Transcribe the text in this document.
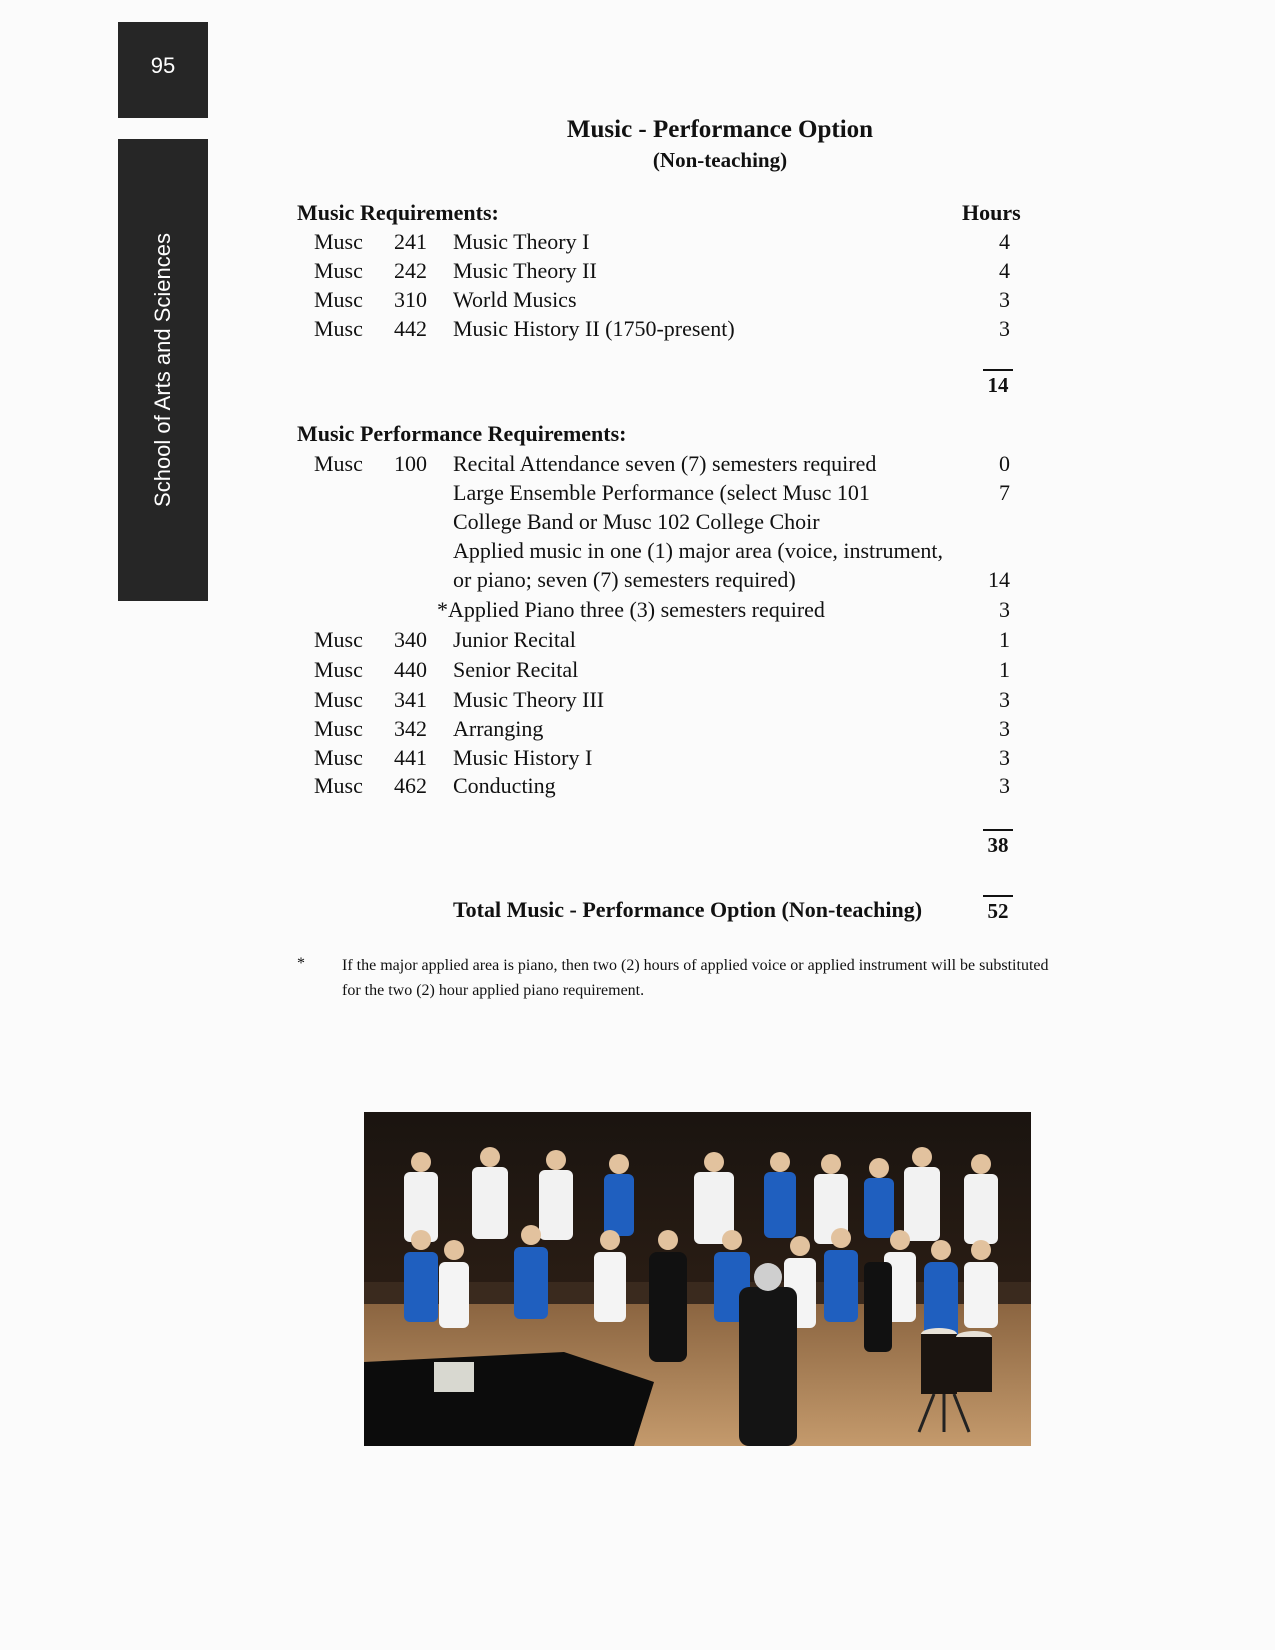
95
School of Arts and Sciences
Music - Performance Option
(Non-teaching)
Music Requirements:	Hours
Musc 241 Music Theory I	4
Musc 242 Music Theory II	4
Musc 310 World Musics	3
Musc 442 Music History II (1750-present)	3
14
Music Performance Requirements:
Musc 100 Recital Attendance seven (7) semesters required	0
Large Ensemble Performance (select Musc 101	7
College Band or Musc 102 College Choir
Applied music in one (1) major area (voice, instrument,
or piano; seven (7) semesters required)	14
*Applied Piano three (3) semesters required	3
Musc 340 Junior Recital	1
Musc 440 Senior Recital	1
Musc 341 Music Theory III	3
Musc 342 Arranging	3
Musc 441 Music History I	3
Musc 462 Conducting	3
38
Total Music - Performance Option (Non-teaching)	52
* If the major applied area is piano, then two (2) hours of applied voice or applied instrument will be substituted for the two (2) hour applied piano requirement.
